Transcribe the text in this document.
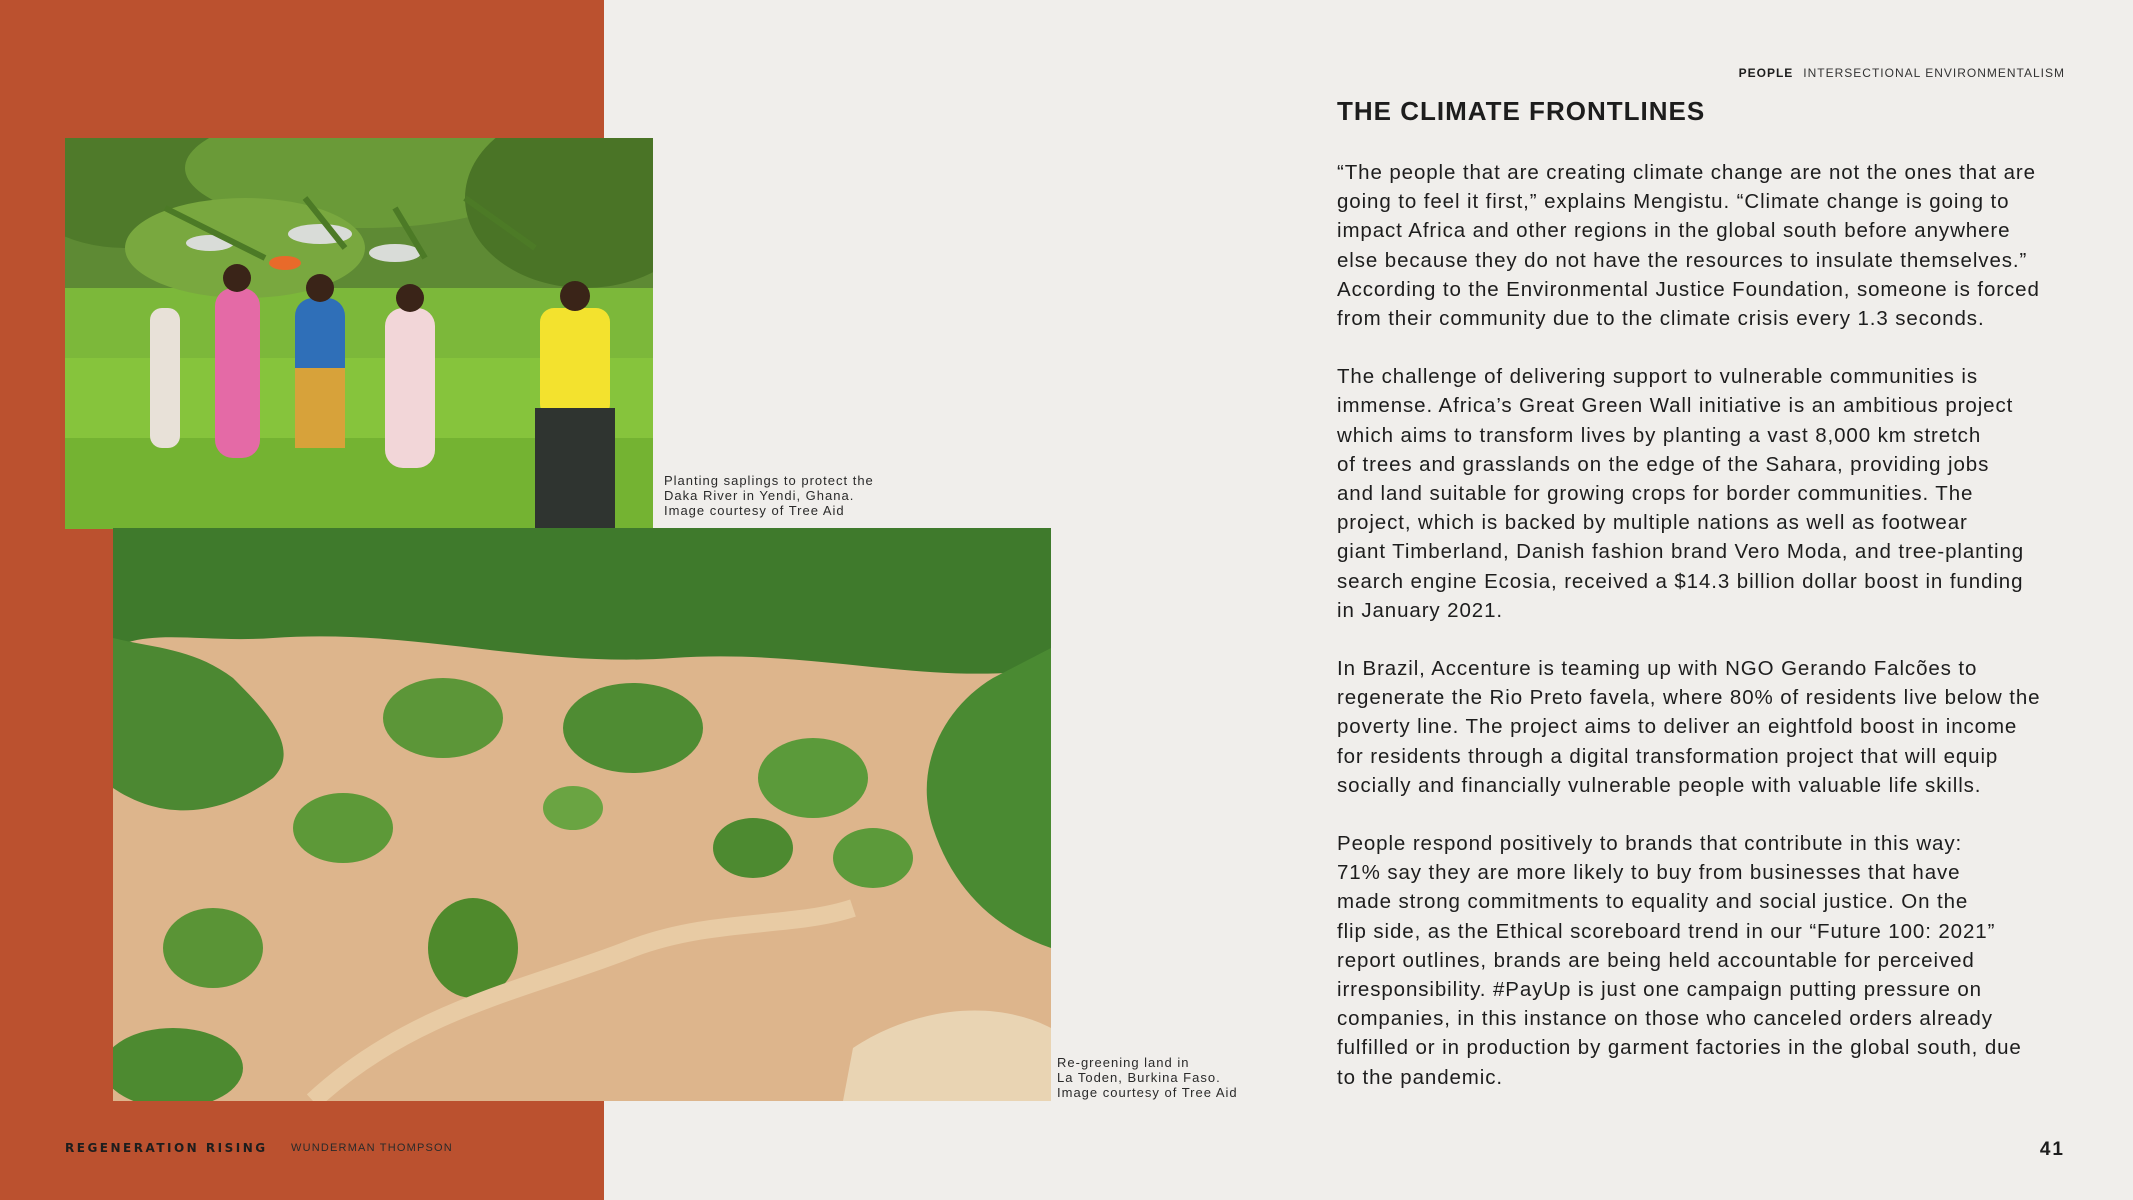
Planting saplings to protect the
Daka River in Yendi, Ghana.
Image courtesy of Tree Aid
Re-greening land in
La Toden, Burkina Faso.
Image courtesy of Tree Aid
PEOPLE INTERSECTIONAL ENVIRONMENTALISM
THE CLIMATE FRONTLINES

“The people that are creating climate change are not the ones that are
going to feel it first,” explains Mengistu. “Climate change is going to
impact Africa and other regions in the global south before anywhere
else because they do not have the resources to insulate themselves.”
According to the Environmental Justice Foundation, someone is forced
from their community due to the climate crisis every 1.3 seconds.

The challenge of delivering support to vulnerable communities is
immense. Africa’s Great Green Wall initiative is an ambitious project
which aims to transform lives by planting a vast 8,000 km stretch
of trees and grasslands on the edge of the Sahara, providing jobs
and land suitable for growing crops for border communities. The
project, which is backed by multiple nations as well as footwear
giant Timberland, Danish fashion brand Vero Moda, and tree-planting
search engine Ecosia, received a $14.3 billion dollar boost in funding
in January 2021.

In Brazil, Accenture is teaming up with NGO Gerando Falcões to
regenerate the Rio Preto favela, where 80% of residents live below the
poverty line. The project aims to deliver an eightfold boost in income
for residents through a digital transformation project that will equip
socially and financially vulnerable people with valuable life skills.

People respond positively to brands that contribute in this way:
71% say they are more likely to buy from businesses that have
made strong commitments to equality and social justice. On the
flip side, as the Ethical scoreboard trend in our “Future 100: 2021”
report outlines, brands are being held accountable for perceived
irresponsibility. #PayUp is just one campaign putting pressure on
companies, in this instance on those who canceled orders already
fulfilled or in production by garment factories in the global south, due
to the pandemic.

REGENERATION RISING WUNDERMAN THOMPSON	41
